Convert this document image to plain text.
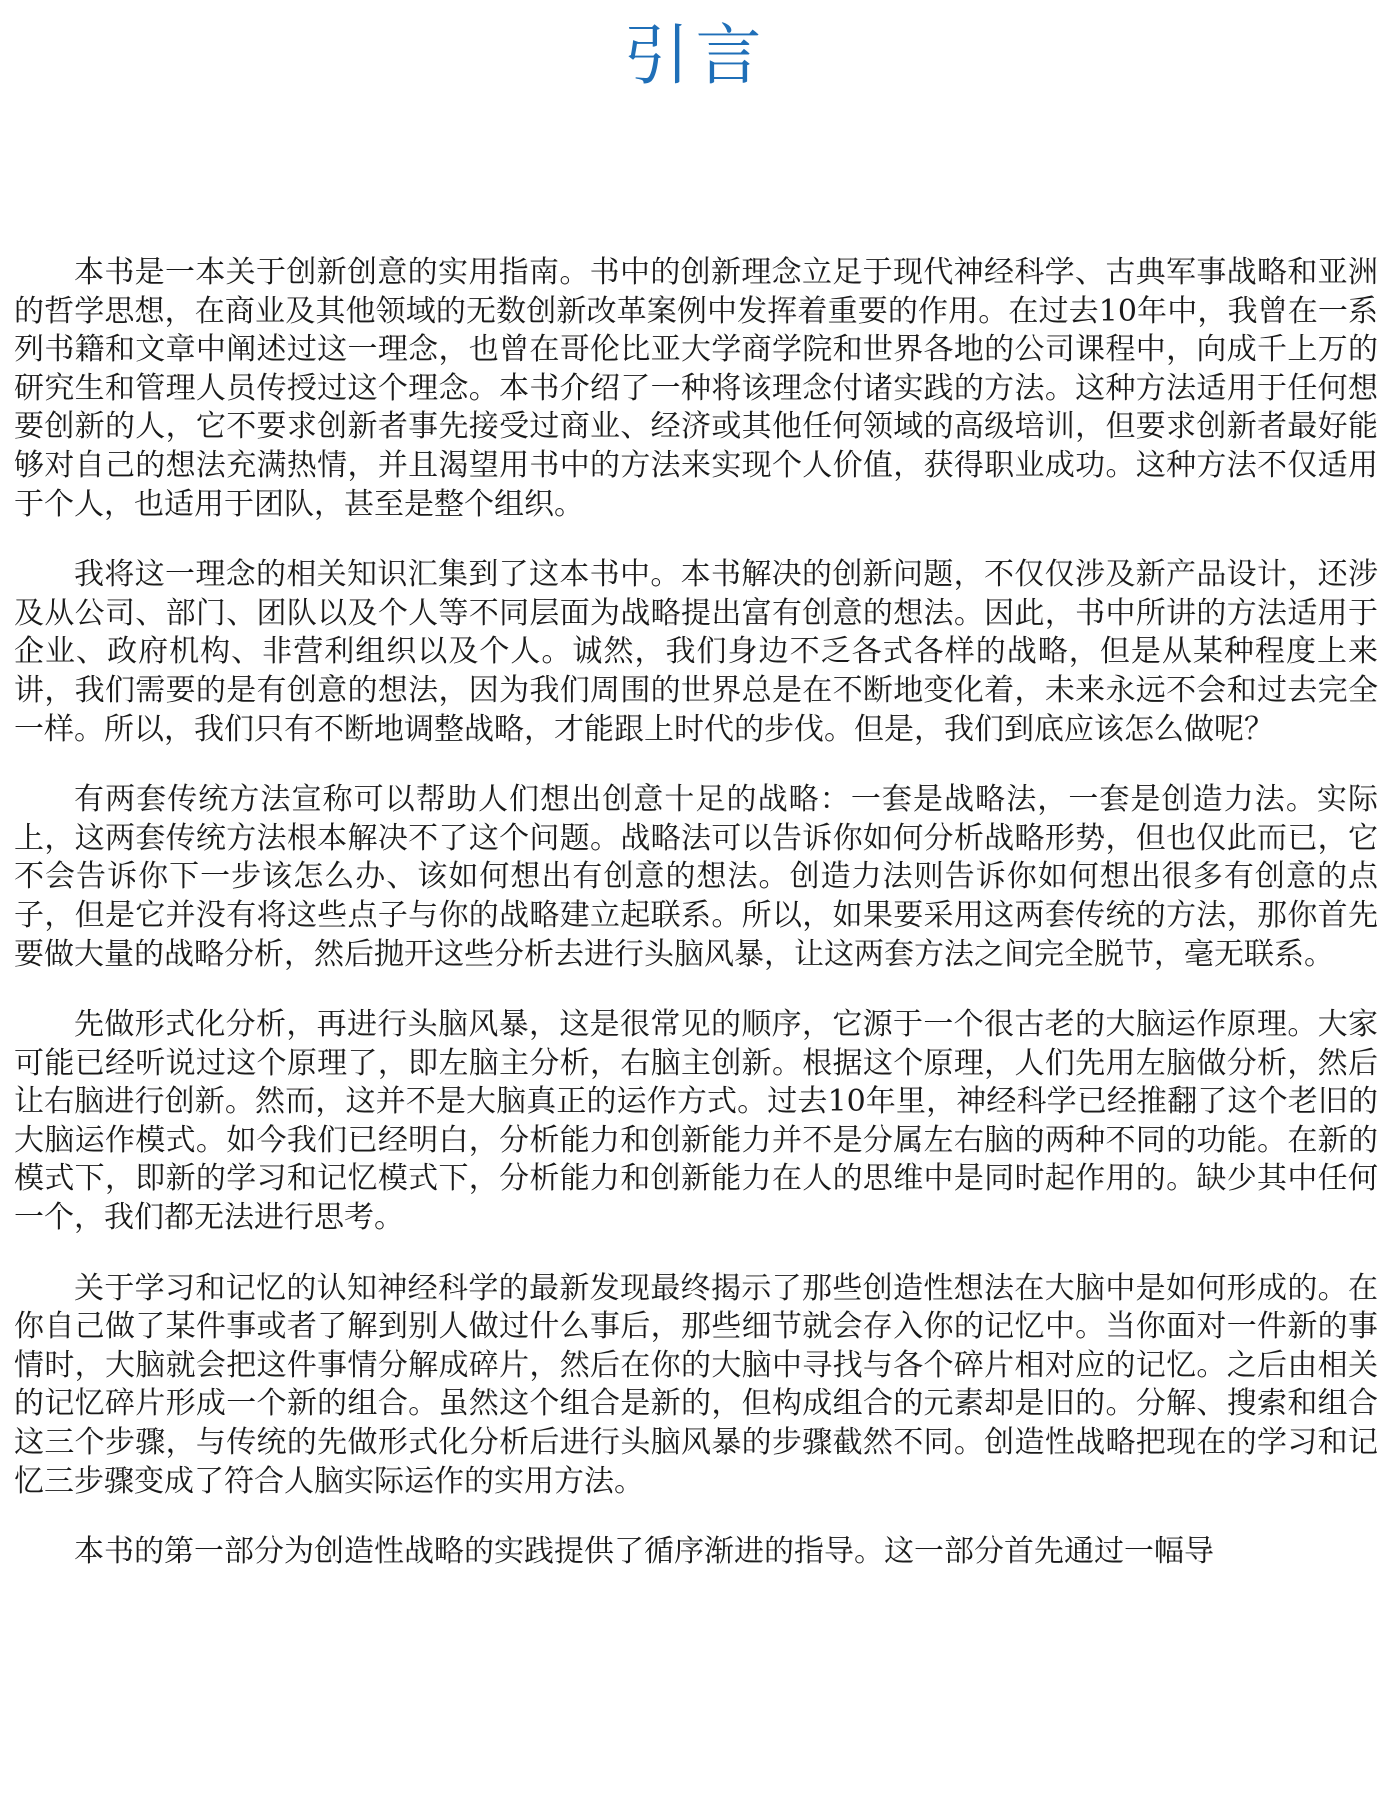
引言

本书是一本关于创新创意的实用指南。书中的创新理念立足于现代神经科学、古典军事战略和亚洲的哲学思想，在商业及其他领域的无数创新改革案例中发挥着重要的作用。在过去10年中，我曾在一系列书籍和文章中阐述过这一理念，也曾在哥伦比亚大学商学院和世界各地的公司课程中，向成千上万的研究生和管理人员传授过这个理念。本书介绍了一种将该理念付诸实践的方法。这种方法适用于任何想要创新的人，它不要求创新者事先接受过商业、经济或其他任何领域的高级培训，但要求创新者最好能够对自己的想法充满热情，并且渴望用书中的方法来实现个人价值，获得职业成功。这种方法不仅适用于个人，也适用于团队，甚至是整个组织。

我将这一理念的相关知识汇集到了这本书中。本书解决的创新问题，不仅仅涉及新产品设计，还涉及从公司、部门、团队以及个人等不同层面为战略提出富有创意的想法。因此，书中所讲的方法适用于企业、政府机构、非营利组织以及个人。诚然，我们身边不乏各式各样的战略，但是从某种程度上来讲，我们需要的是有创意的想法，因为我们周围的世界总是在不断地变化着，未来永远不会和过去完全一样。所以，我们只有不断地调整战略，才能跟上时代的步伐。但是，我们到底应该怎么做呢？

有两套传统方法宣称可以帮助人们想出创意十足的战略：一套是战略法，一套是创造力法。实际上，这两套传统方法根本解决不了这个问题。战略法可以告诉你如何分析战略形势，但也仅此而已，它不会告诉你下一步该怎么办、该如何想出有创意的想法。创造力法则告诉你如何想出很多有创意的点子，但是它并没有将这些点子与你的战略建立起联系。所以，如果要采用这两套传统的方法，那你首先要做大量的战略分析，然后抛开这些分析去进行头脑风暴，让这两套方法之间完全脱节，毫无联系。

先做形式化分析，再进行头脑风暴，这是很常见的顺序，它源于一个很古老的大脑运作原理。大家可能已经听说过这个原理了，即左脑主分析，右脑主创新。根据这个原理，人们先用左脑做分析，然后让右脑进行创新。然而，这并不是大脑真正的运作方式。过去10年里，神经科学已经推翻了这个老旧的大脑运作模式。如今我们已经明白，分析能力和创新能力并不是分属左右脑的两种不同的功能。在新的模式下，即新的学习和记忆模式下，分析能力和创新能力在人的思维中是同时起作用的。缺少其中任何一个，我们都无法进行思考。

关于学习和记忆的认知神经科学的最新发现最终揭示了那些创造性想法在大脑中是如何形成的。在你自己做了某件事或者了解到别人做过什么事后，那些细节就会存入你的记忆中。当你面对一件新的事情时，大脑就会把这件事情分解成碎片，然后在你的大脑中寻找与各个碎片相对应的记忆。之后由相关的记忆碎片形成一个新的组合。虽然这个组合是新的，但构成组合的元素却是旧的。分解、搜索和组合这三个步骤，与传统的先做形式化分析后进行头脑风暴的步骤截然不同。创造性战略把现在的学习和记忆三步骤变成了符合人脑实际运作的实用方法。

本书的第一部分为创造性战略的实践提供了循序渐进的指导。这一部分首先通过一幅导
